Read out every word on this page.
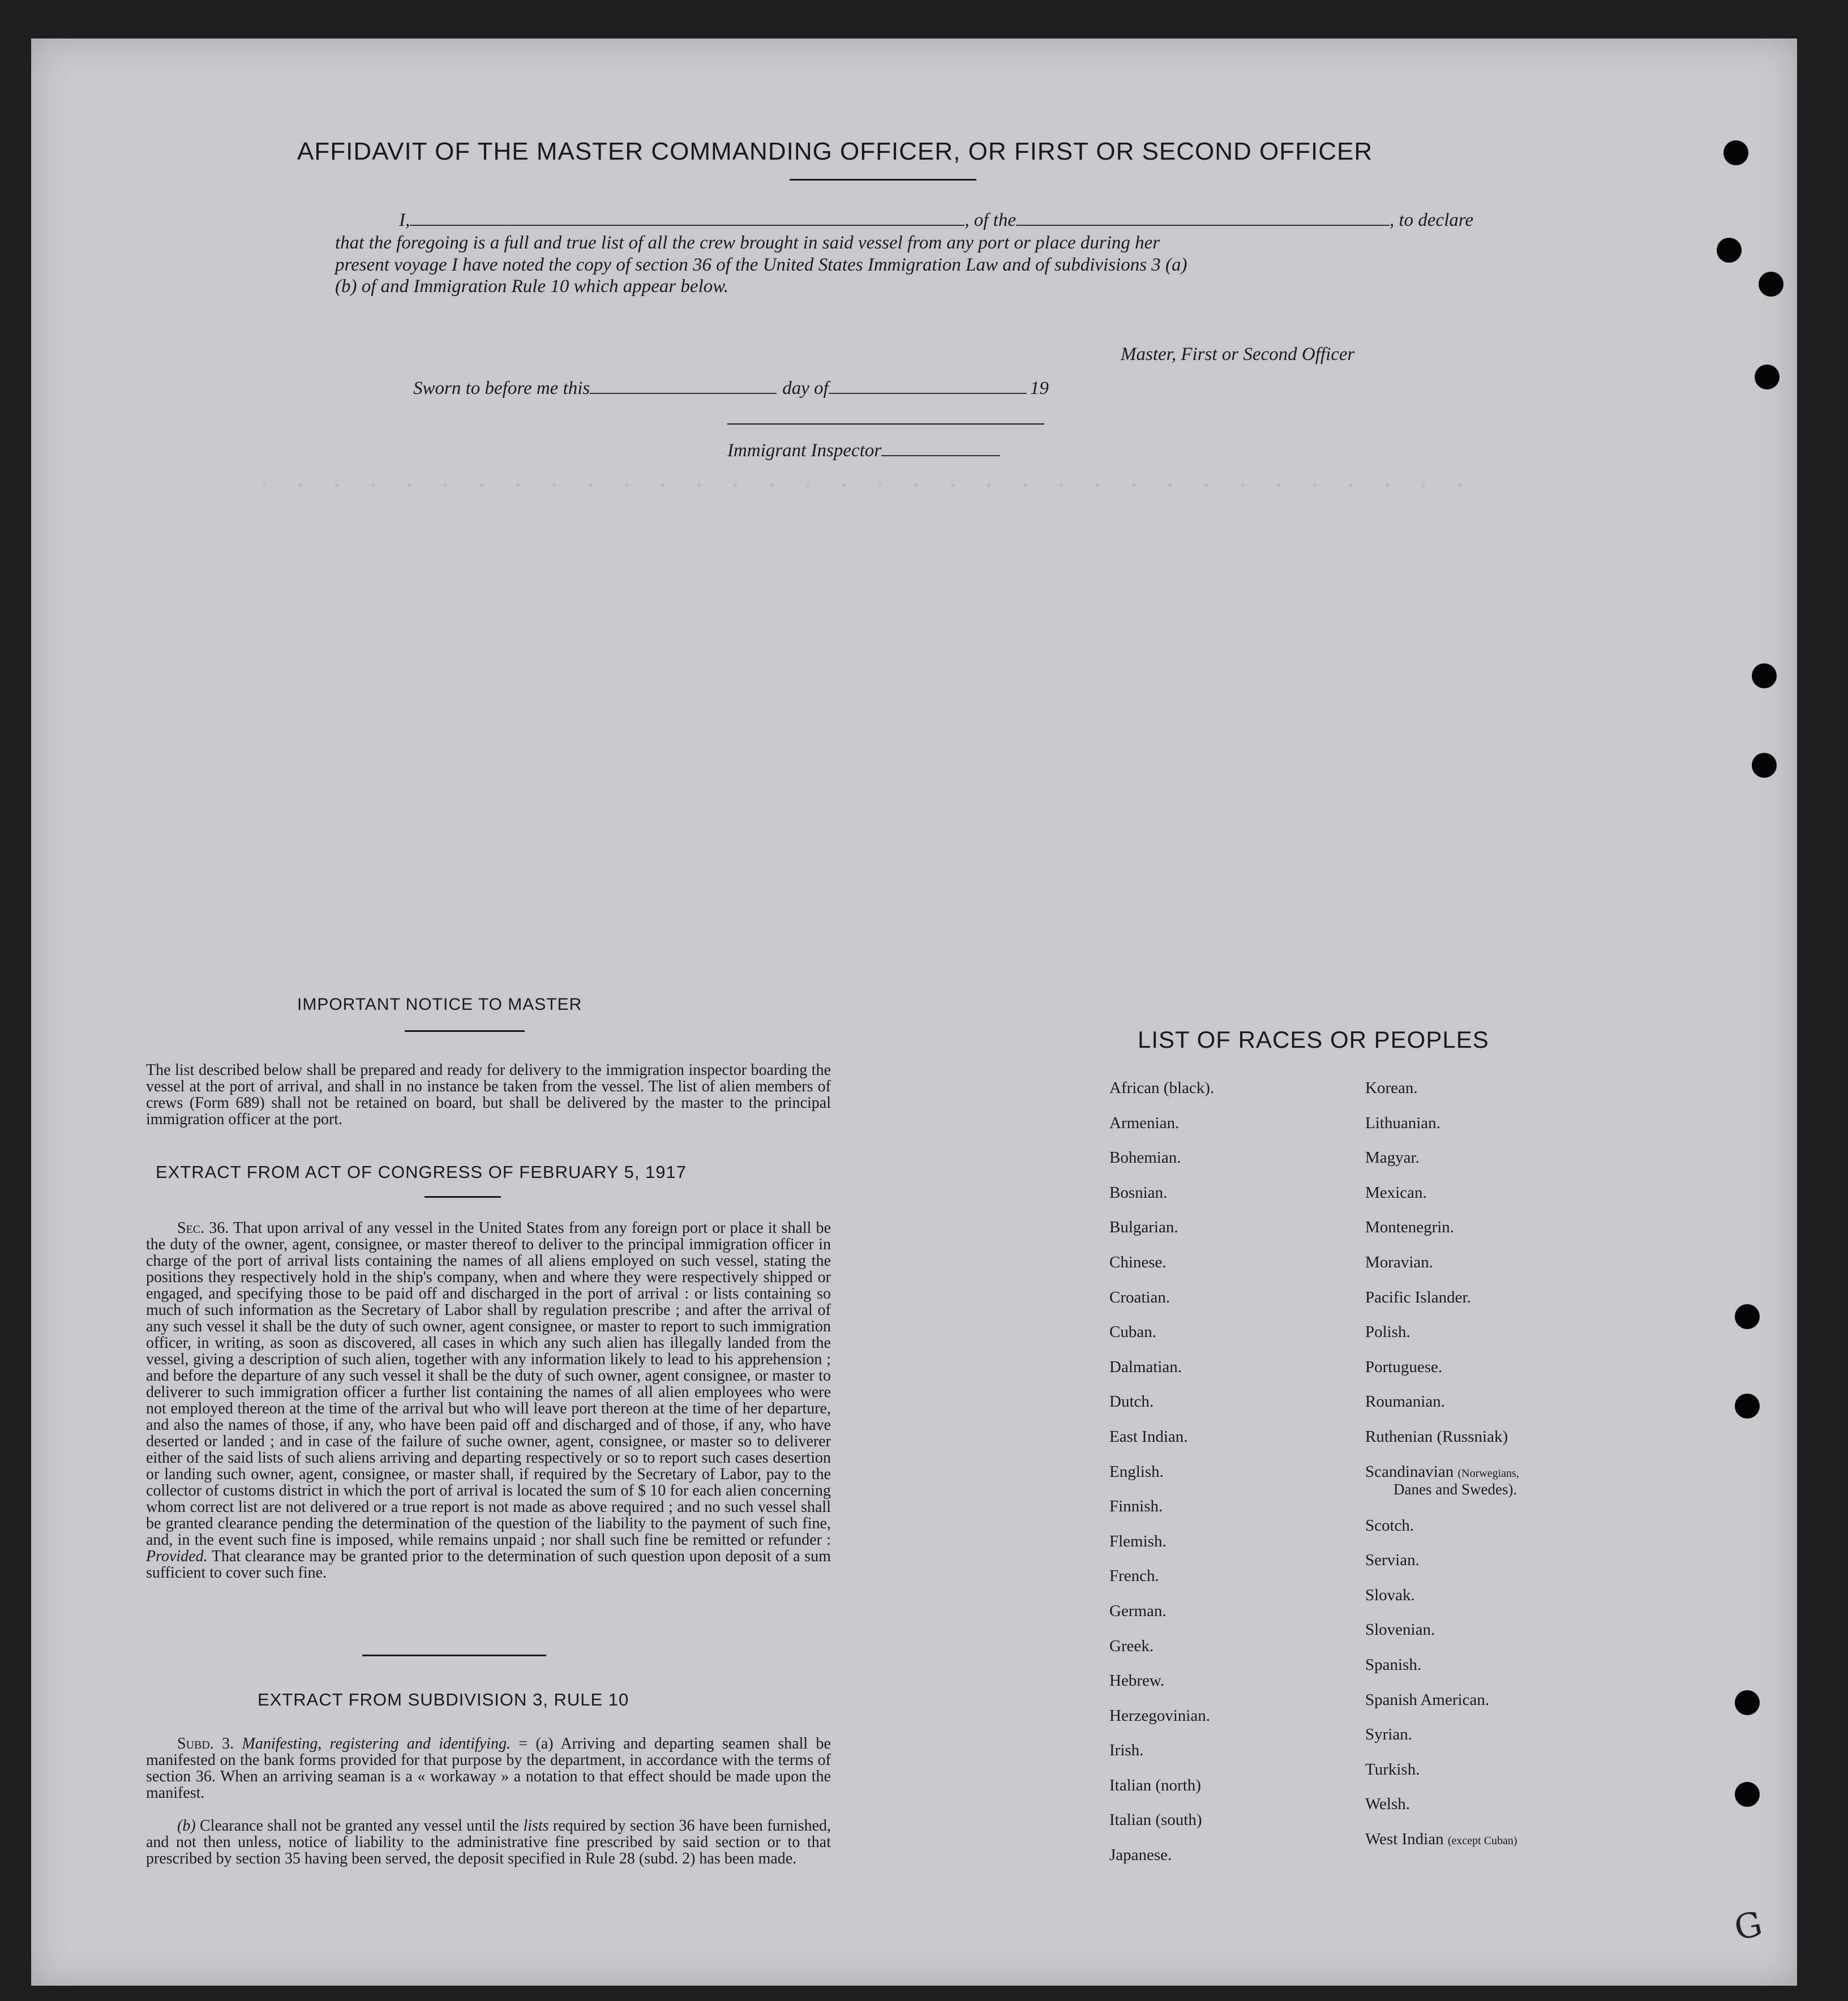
. . . . . . . . . . . . . . . . . . . . . . . . . . . . . . . . . .
AFFIDAVIT OF THE MASTER COMMANDING OFFICER, OR FIRST OR SECOND OFFICER
I,	, of the	, to declare
that the foregoing is a full and true list of all the crew brought in said vessel from any port or place during her
present voyage I have noted the copy of section 36 of the United States Immigration Law and of subdivisions 3 (a)
(b) of and Immigration Rule 10 which appear below.
Master, First or Second Officer
Sworn to before me this	day of	19
Immigrant Inspector
IMPORTANT NOTICE TO MASTER
The list described below shall be prepared and ready for delivery to the immigration inspector boarding the vessel at the port of arrival, and shall in no instance be taken from the vessel. The list of alien members of crews (Form 689) shall not be retained on board, but shall be delivered by the master to the principal immigration officer at the port.
EXTRACT FROM ACT OF CONGRESS OF FEBRUARY 5, 1917
Sec. 36. That upon arrival of any vessel in the United States from any foreign port or place it shall be the duty of the owner, agent, consignee, or master thereof to deliver to the principal immigration officer in charge of the port of arrival lists containing the names of all aliens employed on such vessel, stating the positions they respectively hold in the ship's company, when and where they were respectively shipped or engaged, and specifying those to be paid off and discharged in the port of arrival : or lists containing so much of such information as the Secretary of Labor shall by regulation prescribe ; and after the arrival of any such vessel it shall be the duty of such owner, agent consignee, or master to report to such immigration officer, in writing, as soon as discovered, all cases in which any such alien has illegally landed from the vessel, giving a description of such alien, together with any information likely to lead to his apprehension ; and before the departure of any such vessel it shall be the duty of such owner, agent consignee, or master to deliverer to such immigration officer a further list containing the names of all alien employees who were not employed thereon at the time of the arrival but who will leave port thereon at the time of her departure, and also the names of those, if any, who have been paid off and discharged and of those, if any, who have deserted or landed ; and in case of the failure of suche owner, agent, consignee, or master so to deliverer either of the said lists of such aliens arriving and departing respectively or so to report such cases desertion or landing such owner, agent, consignee, or master shall, if required by the Secretary of Labor, pay to the collector of customs district in which the port of arrival is located the sum of $ 10 for each alien concerning whom correct list are not delivered or a true report is not made as above required ; and no such vessel shall be granted clearance pending the determination of the question of the liability to the payment of such fine, and, in the event such fine is imposed, while remains unpaid ; nor shall such fine be remitted or refunder : Provided. That clearance may be granted prior to the determination of such question upon deposit of a sum sufficient to cover such fine.
EXTRACT FROM SUBDIVISION 3, RULE 10
Subd. 3. Manifesting, registering and identifying. = (a) Arriving and departing seamen shall be manifested on the bank forms provided for that purpose by the department, in accordance with the terms of section 36. When an arriving seaman is a « workaway » a notation to that effect should be made upon the manifest.
(b) Clearance shall not be granted any vessel until the lists required by section 36 have been furnished, and not then unless, notice of liability to the administrative fine prescribed by said section or to that prescribed by section 35 having been served, the deposit specified in Rule 28 (subd. 2) has been made.
LIST OF RACES OR PEOPLES
African (black).
Armenian.
Bohemian.
Bosnian.
Bulgarian.
Chinese.
Croatian.
Cuban.
Dalmatian.
Dutch.
East Indian.
English.
Finnish.
Flemish.
French.
German.
Greek.
Hebrew.
Herzegovinian.
Irish.
Italian (north)
Italian (south)
Japanese.
Korean.
Lithuanian.
Magyar.
Mexican.
Montenegrin.
Moravian.
Pacific Islander.
Polish.
Portuguese.
Roumanian.
Ruthenian (Russniak)
Scandinavian (Norwegians,
Danes and Swedes).
Scotch.
Servian.
Slovak.
Slovenian.
Spanish.
Spanish American.
Syrian.
Turkish.
Welsh.
West Indian (except Cuban)
G
